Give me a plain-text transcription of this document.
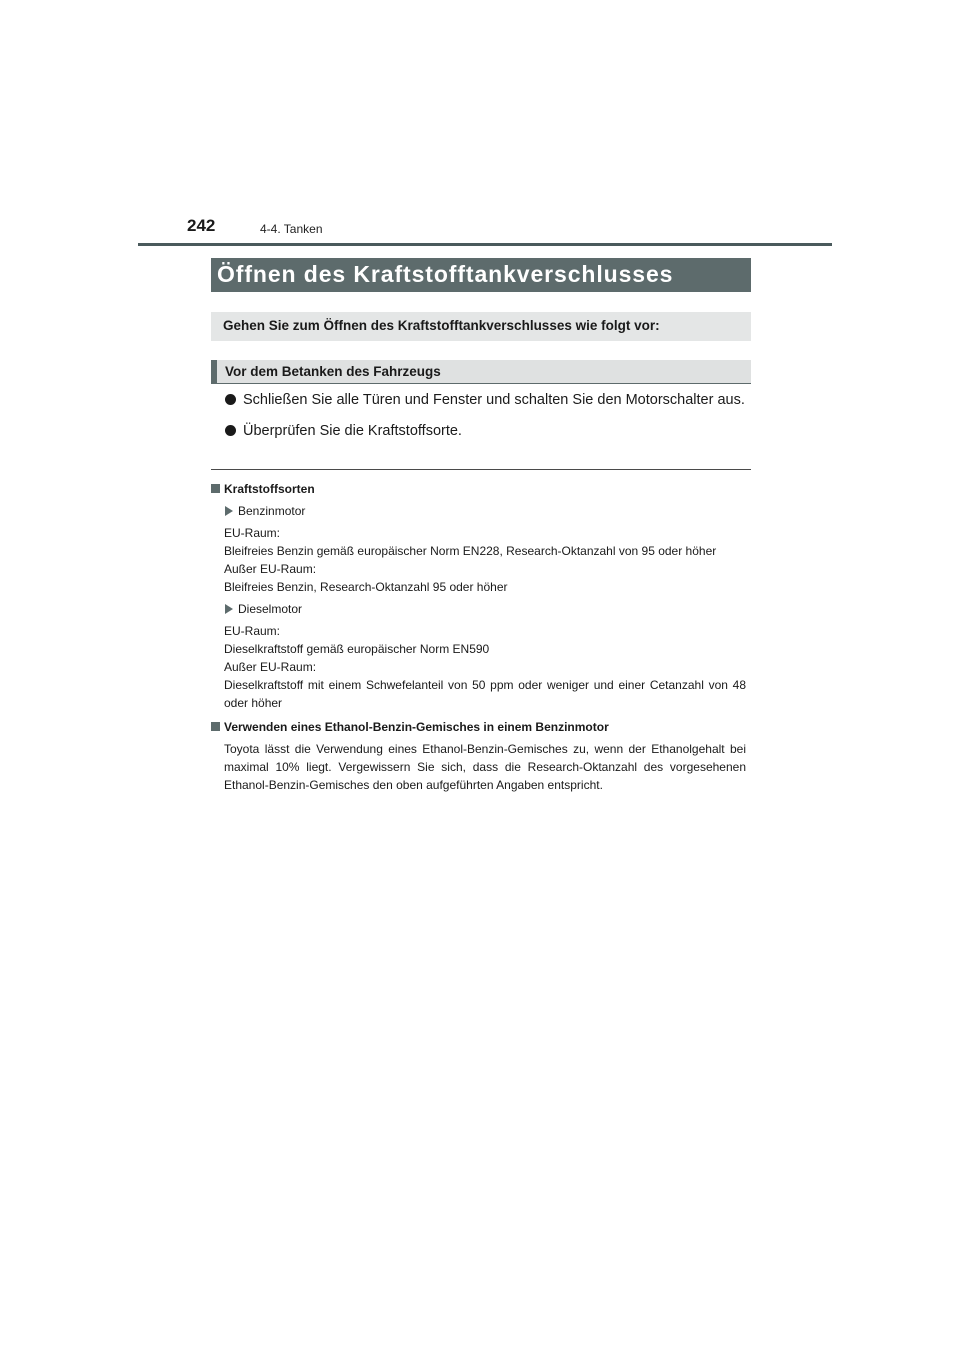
242	4-4. Tanken
Öffnen des Kraftstofftankverschlusses
Gehen Sie zum Öffnen des Kraftstofftankverschlusses wie folgt vor:
Vor dem Betanken des Fahrzeugs
Schließen Sie alle Türen und Fenster und schalten Sie den Motorschalter aus.
Überprüfen Sie die Kraftstoffsorte.
Kraftstoffsorten
Benzinmotor
EU-Raum:
Bleifreies Benzin gemäß europäischer Norm EN228, Research-Oktanzahl von 95 oder höher
Außer EU-Raum:
Bleifreies Benzin, Research-Oktanzahl 95 oder höher
Dieselmotor
EU-Raum:
Dieselkraftstoff gemäß europäischer Norm EN590
Außer EU-Raum:
Dieselkraftstoff mit einem Schwefelanteil von 50 ppm oder weniger und einer Cetanzahl von 48 oder höher
Verwenden eines Ethanol-Benzin-Gemisches in einem Benzinmotor
Toyota lässt die Verwendung eines Ethanol-Benzin-Gemisches zu, wenn der Ethanolgehalt bei maximal 10% liegt. Vergewissern Sie sich, dass die Research-Oktanzahl des vorgesehenen Ethanol-Benzin-Gemisches den oben aufgeführten Angaben entspricht.
